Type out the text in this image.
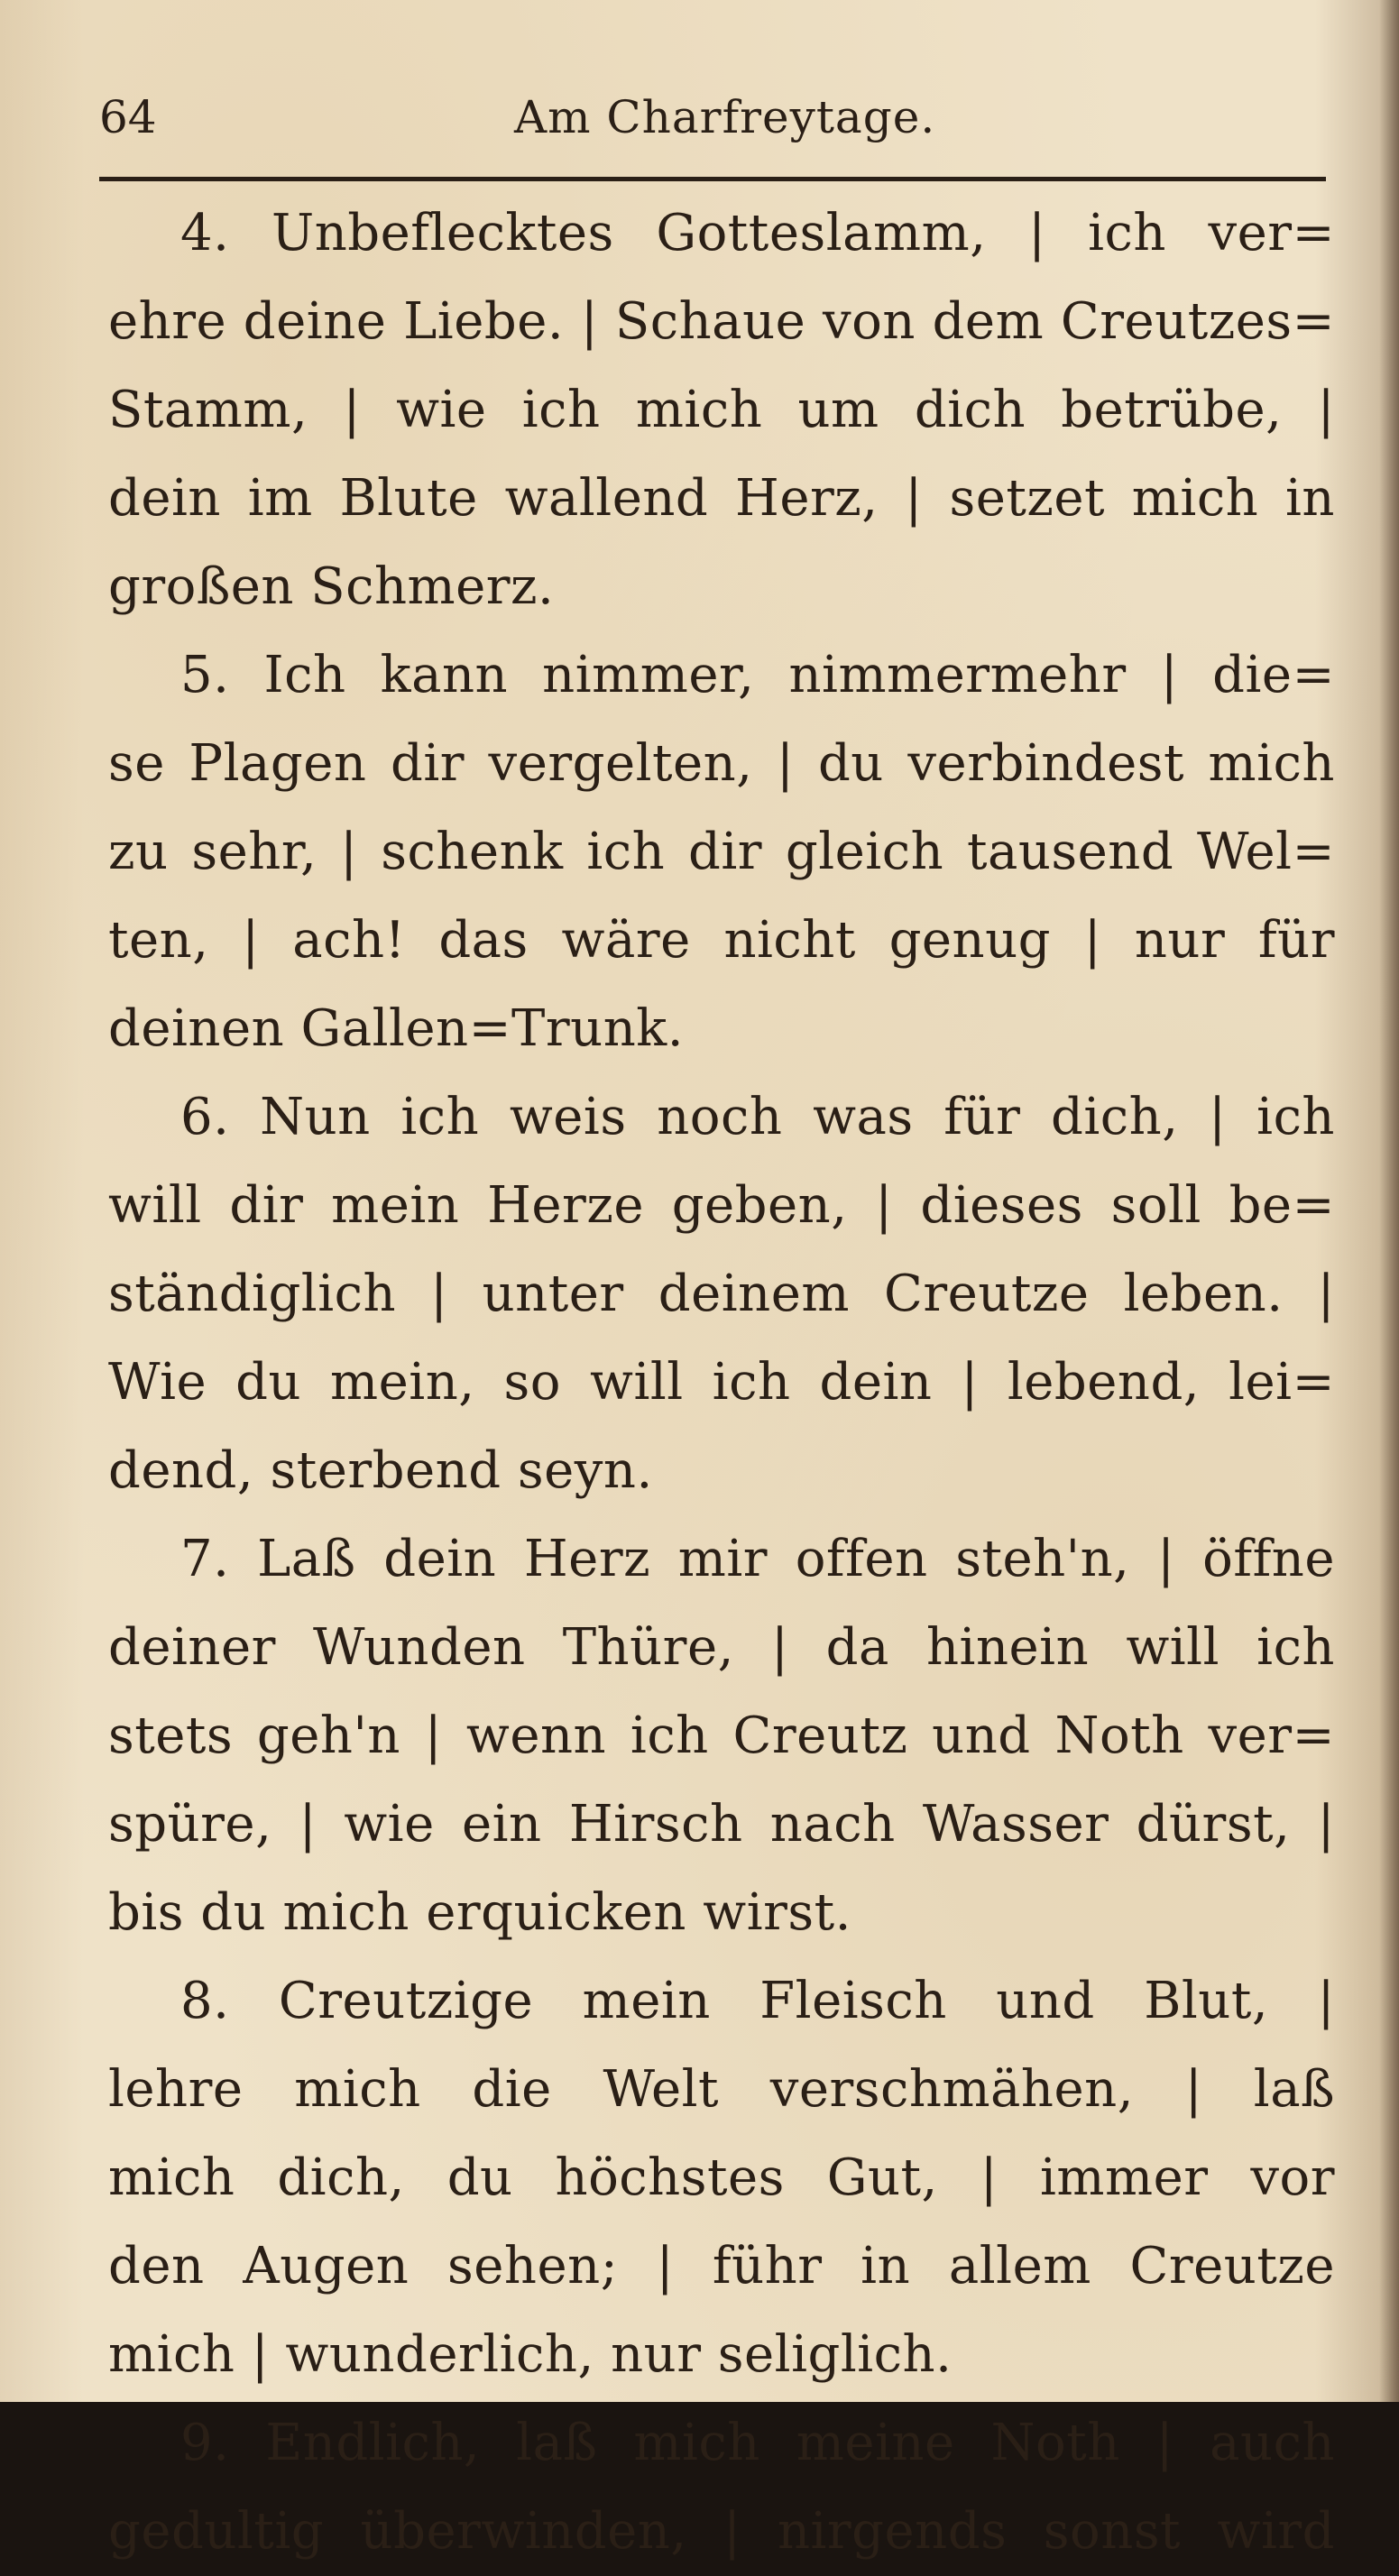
64	Am Charfreytage.
4. Unbeflecktes Gotteslamm, | ich ver=
ehre deine Liebe. | Schaue von dem Creutzes=
Stamm, | wie ich mich um dich betrübe, |
dein im Blute wallend Herz, | setzet mich in
großen Schmerz.
5. Ich kann nimmer, nimmermehr | die=
se Plagen dir vergelten, | du verbindest mich
zu sehr, | schenk ich dir gleich tausend Wel=
ten, | ach! das wäre nicht genug | nur für
deinen Gallen=Trunk.
6. Nun ich weis noch was für dich, | ich
will dir mein Herze geben, | dieses soll be=
ständiglich | unter deinem Creutze leben. |
Wie du mein, so will ich dein | lebend, lei=
dend, sterbend seyn.
7. Laß dein Herz mir offen steh'n, | öffne
deiner Wunden Thüre, | da hinein will ich
stets geh'n | wenn ich Creutz und Noth ver=
spüre, | wie ein Hirsch nach Wasser dürst, |
bis du mich erquicken wirst.
8. Creutzige mein Fleisch und Blut, |
lehre mich die Welt verschmähen, | laß
mich dich, du höchstes Gut, | immer vor
den Augen sehen; | führ in allem Creutze
mich | wunderlich, nur seliglich.
9. Endlich, laß mich meine Noth | auch
gedultig überwinden, | nirgends sonst wird
